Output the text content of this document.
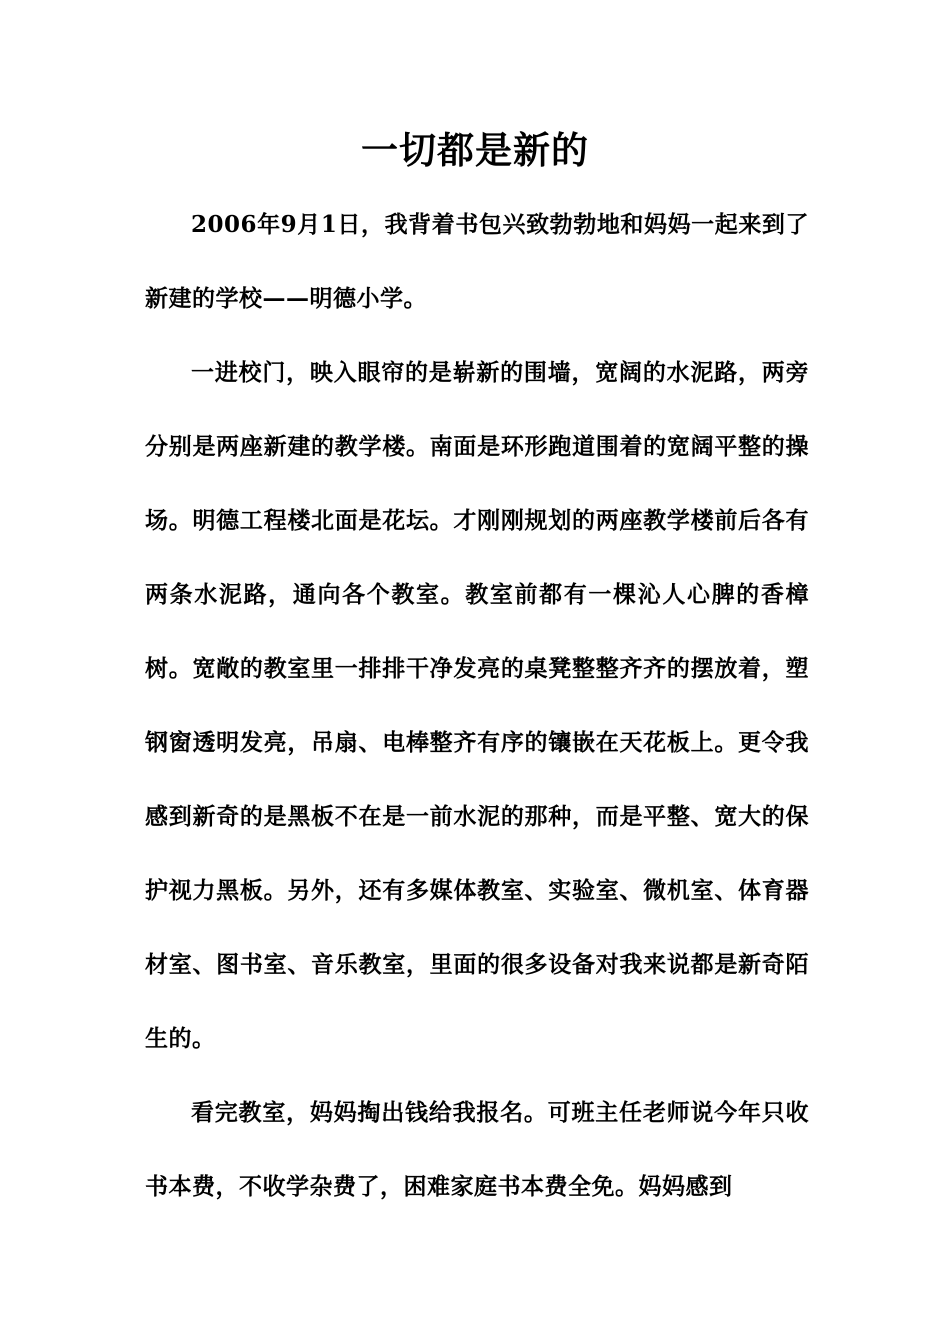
一切都是新的

2006年9月1日，我背着书包兴致勃勃地和妈妈一起来到了新建的学校——明德小学。

一进校门，映入眼帘的是崭新的围墙，宽阔的水泥路，两旁分别是两座新建的教学楼。南面是环形跑道围着的宽阔平整的操场。明德工程楼北面是花坛。才刚刚规划的两座教学楼前后各有两条水泥路，通向各个教室。教室前都有一棵沁人心脾的香樟树。宽敞的教室里一排排干净发亮的桌凳整整齐齐的摆放着，塑钢窗透明发亮，吊扇、电棒整齐有序的镶嵌在天花板上。更令我感到新奇的是黑板不在是一前水泥的那种，而是平整、宽大的保护视力黑板。另外，还有多媒体教室、实验室、微机室、体育器材室、图书室、音乐教室，里面的很多设备对我来说都是新奇陌生的。

看完教室，妈妈掏出钱给我报名。可班主任老师说今年只收书本费，不收学杂费了，困难家庭书本费全免。妈妈感到
